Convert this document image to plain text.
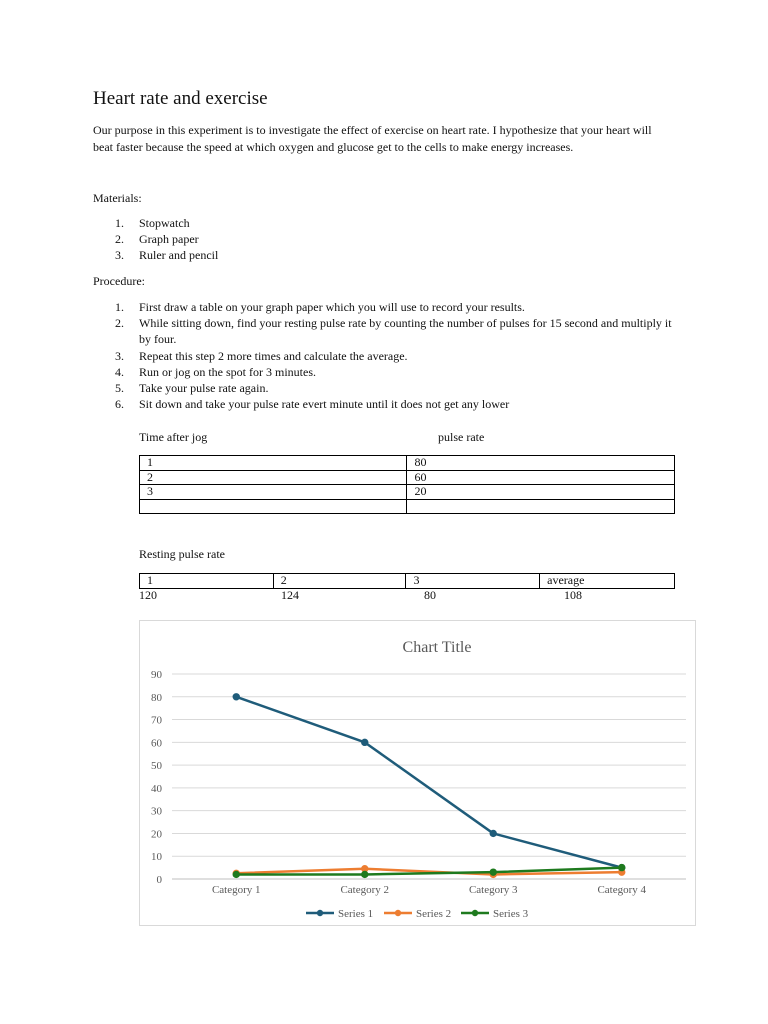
Heart rate and exercise

Our purpose in this experiment is to investigate the effect of exercise on heart rate. I hypothesize that your heart will beat faster because the speed at which oxygen and glucose get to the cells to make energy increases.

Materials:

1. Stopwatch
2. Graph paper
3. Ruler and pencil

Procedure:

1. First draw a table on your graph paper which you will use to record your results.
2. While sitting down, find your resting pulse rate by counting the number of pulses for 15 second and multiply it by four.
3. Repeat this step 2 more times and calculate the average.
4. Run or jog on the spot for 3 minutes.
5. Take your pulse rate again.
6. Sit down and take your pulse rate evert minute until it does not get any lower
Time after jog	pulse rate
1	80
2	60
3	20

Resting pulse rate
1	2	3	average
120	124	80	108
Chart Title
0
10
20
30
40
50
60
70
80
90
Category 1	Category 2	Category 3	Category 4
Series 1	Series 2	Series 3
